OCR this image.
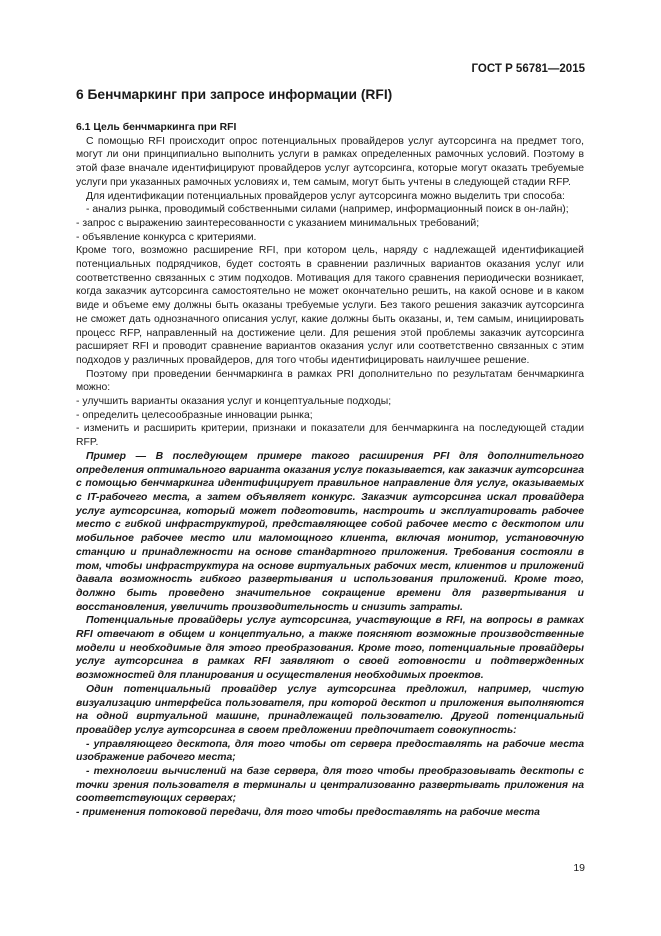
ГОСТ Р 56781—2015
6 Бенчмаркинг при запросе информации (RFI)
6.1 Цель бенчмаркинга при RFI

С помощью RFI происходит опрос потенциальных провайдеров услуг аутсорсинга на предмет того, могут ли они принципиально выполнить услуги в рамках определенных рамочных условий. Поэтому в этой фазе вначале идентифицируют провайдеров услуг аутсорсинга, которые могут оказать требуемые услуги при указанных рамочных условиях и, тем самым, могут быть учтены в следующей стадии RFP.

Для идентификации потенциальных провайдеров услуг аутсорсинга можно выделить три способа:

- анализ рынка, проводимый собственными силами (например, информационный поиск в он-лайн);

- запрос с выражению заинтересованности с указанием минимальных требований;

- объявление конкурса с критериями.

Кроме того, возможно расширение RFI, при котором цель, наряду с надлежащей идентификацией потенциальных подрядчиков, будет состоять в сравнении различных вариантов оказания услуг или соответственно связанных с этим подходов. Мотивация для такого сравнения периодически возникает, когда заказчик аутсорсинга самостоятельно не может окончательно решить, на какой основе и в каком виде и объеме ему должны быть оказаны требуемые услуги. Без такого решения заказчик аутсорсинга не сможет дать однозначного описания услуг, какие должны быть оказаны, и, тем самым, инициировать процесс RFP, направленный на достижение цели. Для решения этой проблемы заказчик аутсорсинга расширяет RFI и проводит сравнение вариантов оказания услуг или соответственно связанных с этим подходов у различных провайдеров, для того чтобы идентифицировать наилучшее решение.

Поэтому при проведении бенчмаркинга в рамках PRI дополнительно по результатам бенчмаркинга можно:

- улучшить варианты оказания услуг и концептуальные подходы;

- определить целесообразные инновации рынка;

- изменить и расширить критерии, признаки и показатели для бенчмаркинга на последующей стадии RFP.

Пример — В последующем примере такого расширения PFI для дополнительного определения оптимального варианта оказания услуг показывается, как заказчик аутсорсинга с помощью бенчмаркинга идентифицирует правильное направление для услуг, оказываемых с IT-рабочего места, а затем объявляет конкурс. Заказчик аутсорсинга искал провайдера услуг аутсорсинга, который может подготовить, настроить и эксплуатировать рабочее место с гибкой инфраструктурой, представляющее собой рабочее место с десктопом или мобильное рабочее место или маломощного клиента, включая монитор, установочную станцию и принадлежности на основе стандартного приложения. Требования состояли в том, чтобы инфраструктура на основе виртуальных рабочих мест, клиентов и приложений давала возможность гибкого развертывания и использования приложений. Кроме того, должно быть проведено значительное сокращение времени для развертывания и восстановления, увеличить производительность и снизить затраты.

Потенциальные провайдеры услуг аутсорсинга, участвующие в RFI, на вопросы в рамках RFI отвечают в общем и концептуально, а также поясняют возможные производственные модели и необходимые для этого преобразования. Кроме того, потенциальные провайдеры услуг аутсорсинга в рамках RFI заявляют о своей готовности и подтвержденных возможностей для планирования и осуществления необходимых проектов.

Один потенциальный провайдер услуг аутсорсинга предложил, например, чистую визуализацию интерфейса пользователя, при которой десктоп и приложения выполняются на одной виртуальной машине, принадлежащей пользователю. Другой потенциальный провайдер услуг аутсорсинга в своем предложении предпочитает совокупность:

- управляющего десктопа, для того чтобы от сервера предоставлять на рабочие места изображение рабочего места;

- технологии вычислений на базе сервера, для того чтобы преобразовывать десктопы с точки зрения пользователя в терминалы и централизованно развертывать приложения на соответствующих серверах;

- применения потоковой передачи, для того чтобы предоставлять на рабочие места

19
